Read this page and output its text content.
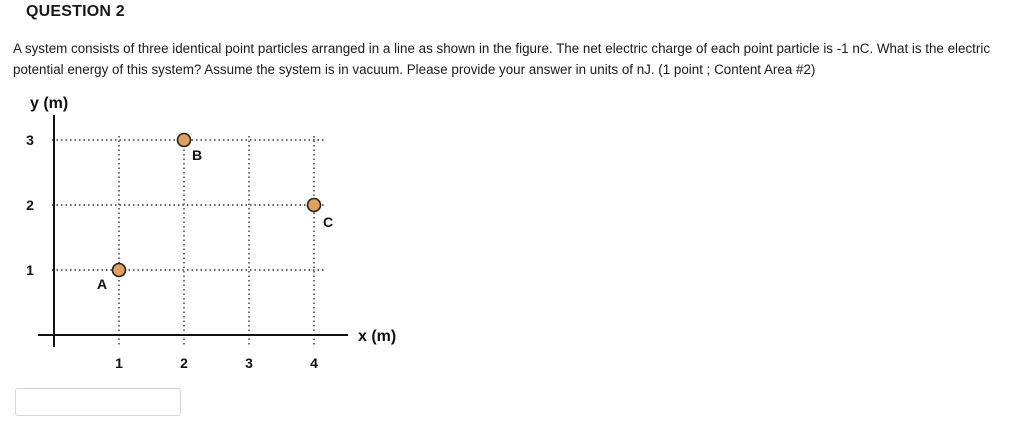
QUESTION 2
A system consists of three identical point particles arranged in a line as shown in the figure. The net electric charge of each point particle is -1 nC. What is the electric potential energy of this system? Assume the system is in vacuum. Please provide your answer in units of nJ. (1 point ; Content Area #2)
y (m)
x (m)
1	2	3	4
1
2
3
A
B
C
